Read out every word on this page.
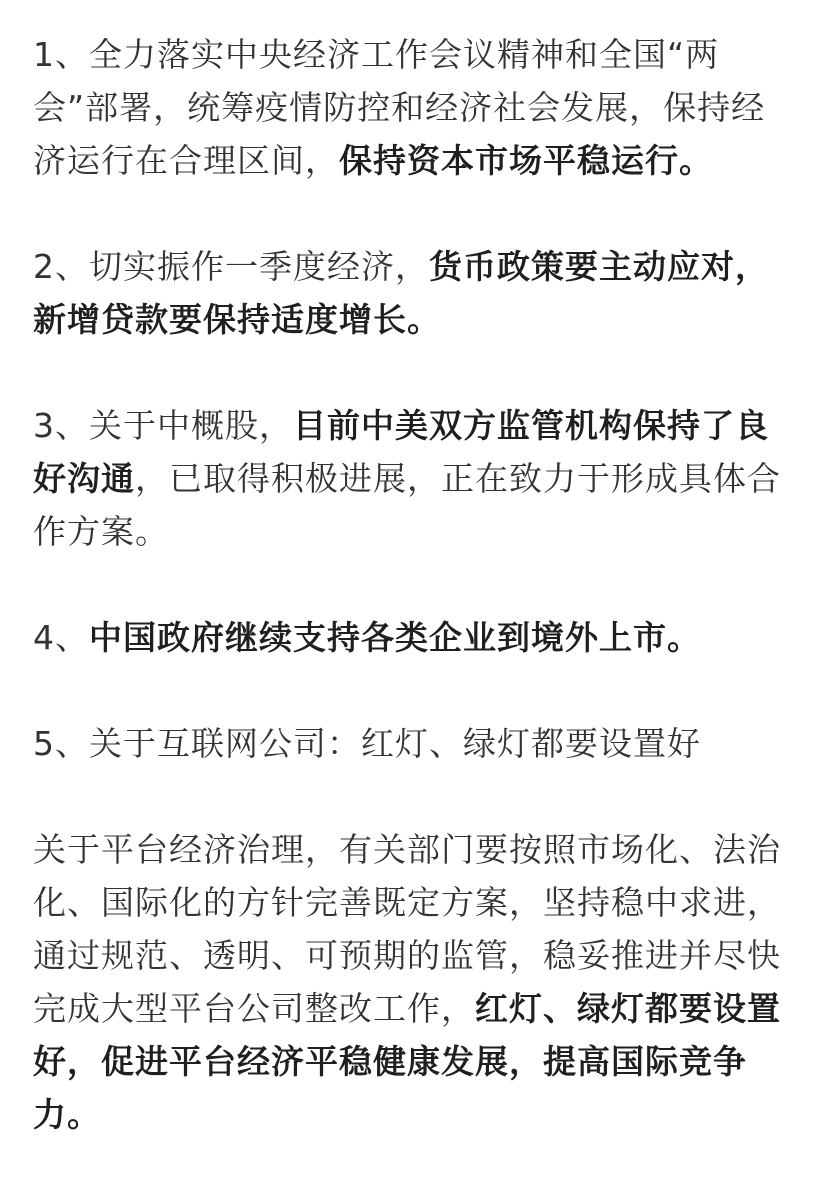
1、全力落实中央经济工作会议精神和全国“两会”部署，统筹疫情防控和经济社会发展，保持经济运行在合理区间，保持资本市场平稳运行。

2、切实振作一季度经济，货币政策要主动应对，新增贷款要保持适度增长。

3、关于中概股，目前中美双方监管机构保持了良好沟通，已取得积极进展，正在致力于形成具体合作方案。

4、中国政府继续支持各类企业到境外上市。

5、关于互联网公司：红灯、绿灯都要设置好

关于平台经济治理，有关部门要按照市场化、法治化、国际化的方针完善既定方案，坚持稳中求进，通过规范、透明、可预期的监管，稳妥推进并尽快完成大型平台公司整改工作，红灯、绿灯都要设置好，促进平台经济平稳健康发展，提高国际竞争力。
